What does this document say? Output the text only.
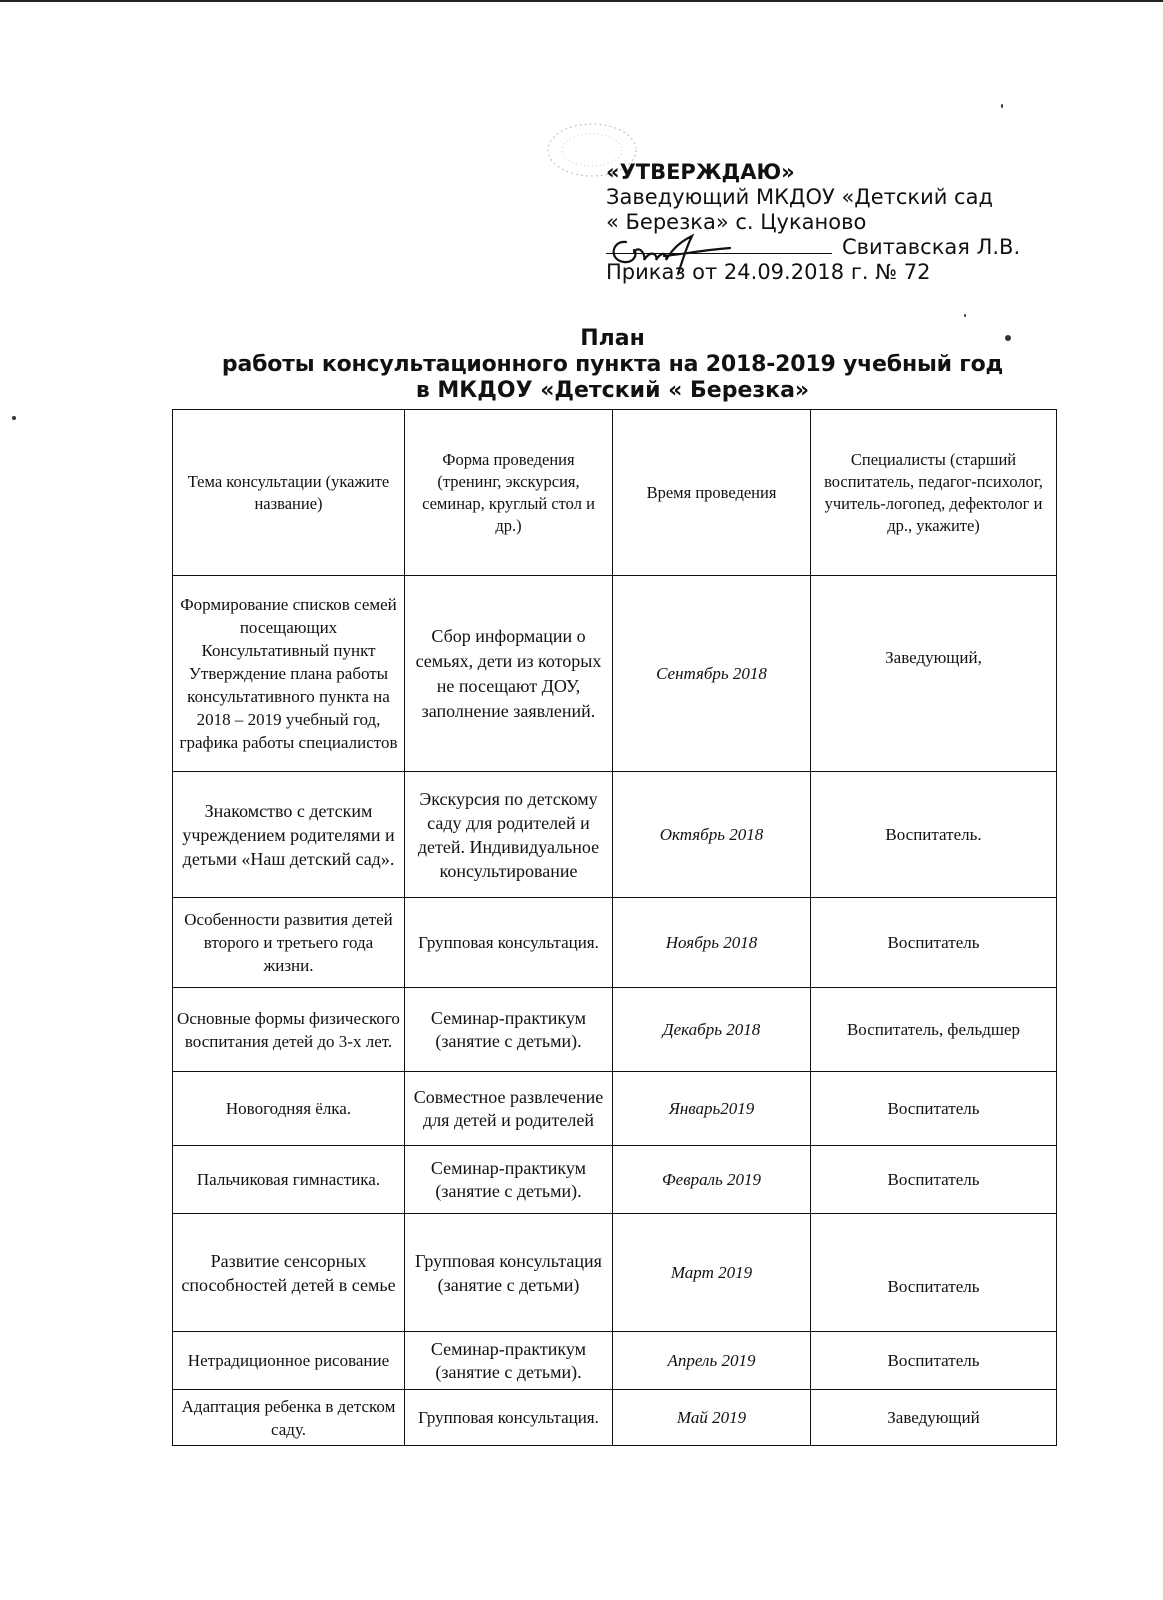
«УТВЕРЖДАЮ»
Заведующий МКДОУ «Детский сад
« Березка» с. Цуканово
Свитавская Л.В.
Приказ от 24.09.2018 г. № 72
План
работы консультационного пункта на 2018-2019 учебный год
в МКДОУ «Детский « Березка»
Тема консультации (укажите название)	Форма проведения (тренинг, экскурсия, семинар, круглый стол и др.)	Время проведения	Специалисты (старший воспитатель, педагог-психолог, учитель-логопед, дефектолог и др., укажите)
Формирование списков семей посещающих Консультативный пункт Утверждение плана работы консультативного пункта на 2018 – 2019 учебный год, графика работы специалистов	Сбор информации о семьях, дети из которых не посещают ДОУ, заполнение заявлений.	Сентябрь 2018	Заведующий,
Знакомство с детским учреждением родителями и детьми «Наш детский сад».	Экскурсия по детскому саду для родителей и детей. Индивидуальное консультирование	Октябрь 2018	Воспитатель.
Особенности развития детей второго и третьего года жизни.	Групповая консультация.	Ноябрь 2018	Воспитатель
Основные формы физического воспитания детей до 3-х лет.	Семинар-практикум (занятие с детьми).	Декабрь 2018	Воспитатель, фельдшер
Новогодняя ёлка.	Совместное развлечение для детей и родителей	Январь2019	Воспитатель
Пальчиковая гимнастика.	Семинар-практикум (занятие с детьми).	Февраль 2019	Воспитатель
Развитие сенсорных способностей детей в семье	Групповая консультация (занятие с детьми)	Март 2019	Воспитатель
Нетрадиционное рисование	Семинар-практикум (занятие с детьми).	Апрель 2019	Воспитатель
Адаптация ребенка в детском саду.	Групповая консультация.	Май 2019	Заведующий
